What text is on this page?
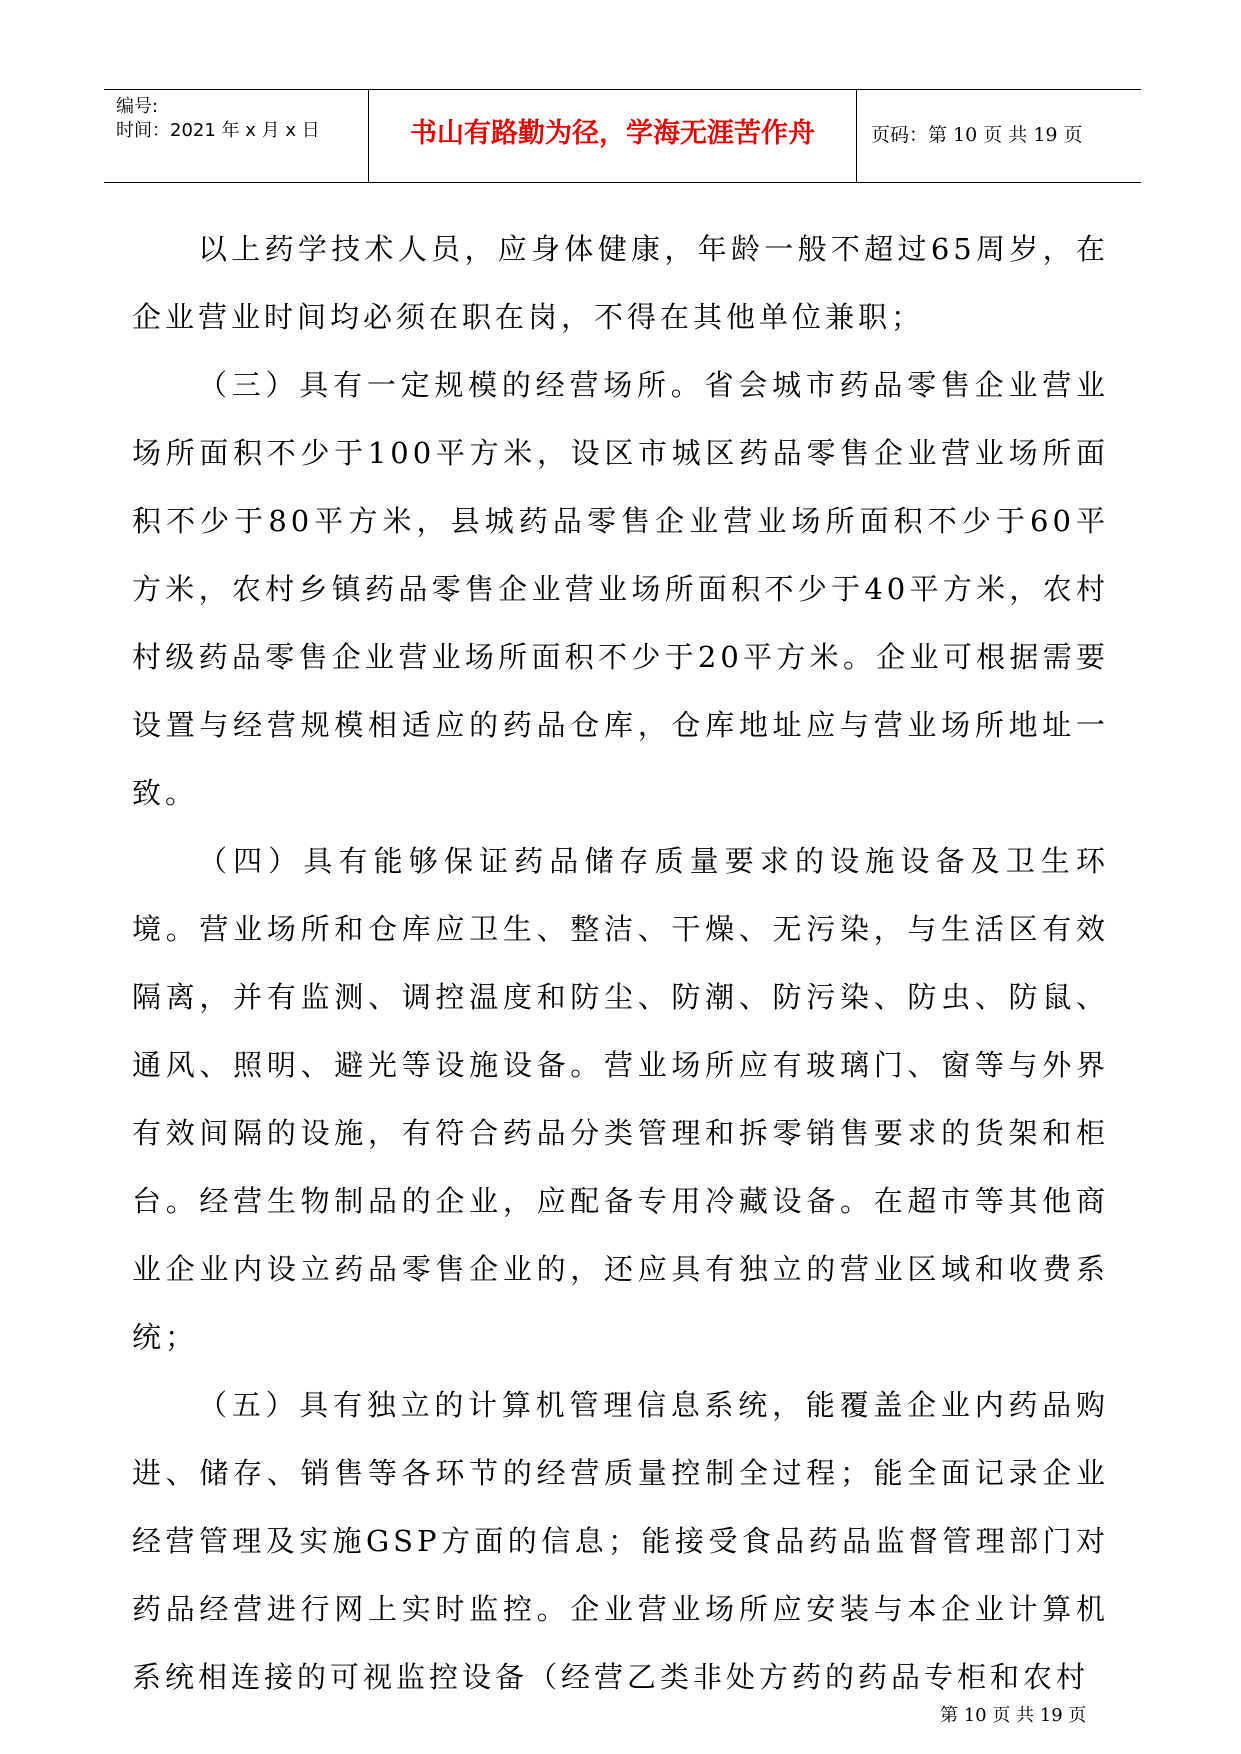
编号:
时间：2021 年 x 月 x 日	书山有路勤为径，学海无涯苦作舟	页码：第 10 页 共 19 页

以上药学技术人员，应身体健康，年龄一般不超过65周岁，在企业营业时间均必须在职在岗，不得在其他单位兼职；

（三）具有一定规模的经营场所。省会城市药品零售企业营业场所面积不少于100平方米，设区市城区药品零售企业营业场所面积不少于80平方米，县城药品零售企业营业场所面积不少于60平方米，农村乡镇药品零售企业营业场所面积不少于40平方米，农村村级药品零售企业营业场所面积不少于20平方米。企业可根据需要设置与经营规模相适应的药品仓库，仓库地址应与营业场所地址一致。

（四）具有能够保证药品储存质量要求的设施设备及卫生环境。营业场所和仓库应卫生、整洁、干燥、无污染，与生活区有效隔离，并有监测、调控温度和防尘、防潮、防污染、防虫、防鼠、通风、照明、避光等设施设备。营业场所应有玻璃门、窗等与外界有效间隔的设施，有符合药品分类管理和拆零销售要求的货架和柜台。经营生物制品的企业，应配备专用冷藏设备。在超市等其他商业企业内设立药品零售企业的，还应具有独立的营业区域和收费系统；

（五）具有独立的计算机管理信息系统，能覆盖企业内药品购进、储存、销售等各环节的经营质量控制全过程；能全面记录企业经营管理及实施GSP方面的信息；能接受食品药品监督管理部门对药品经营进行网上实时监控。企业营业场所应安装与本企业计算机系统相连接的可视监控设备（经营乙类非处方药的药品专柜和农村

第 10 页 共 19 页
